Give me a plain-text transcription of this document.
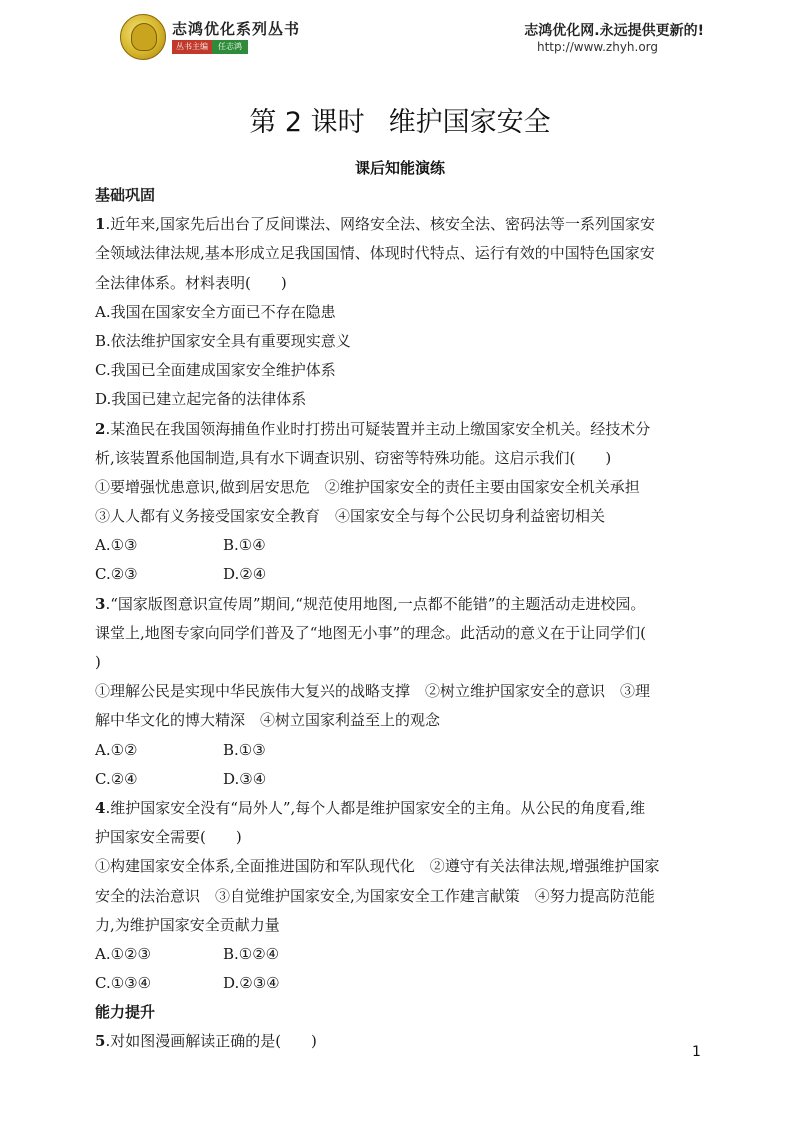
志鸿优化系列丛书
丛书主编	任志鸿
志鸿优化网.永远提供更新的!
http://www.zhyh.org
第 2 课时 维护国家安全
课后知能演练
基础巩固
1.近年来,国家先后出台了反间谍法、网络安全法、核安全法、密码法等一系列国家安
全领域法律法规,基本形成立足我国国情、体现时代特点、运行有效的中国特色国家安
全法律体系。材料表明(　　)
A.我国在国家安全方面已不存在隐患
B.依法维护国家安全具有重要现实意义
C.我国已全面建成国家安全维护体系
D.我国已建立起完备的法律体系
2.某渔民在我国领海捕鱼作业时打捞出可疑装置并主动上缴国家安全机关。经技术分
析,该装置系他国制造,具有水下调查识别、窃密等特殊功能。这启示我们(　　)
①要增强忧患意识,做到居安思危　②维护国家安全的责任主要由国家安全机关承担
③人人都有义务接受国家安全教育　④国家安全与每个公民切身利益密切相关
A.①③	B.①④
C.②③	D.②④
3.“国家版图意识宣传周”期间,“规范使用地图,一点都不能错”的主题活动走进校园。
课堂上,地图专家向同学们普及了“地图无小事”的理念。此活动的意义在于让同学们(
)
①理解公民是实现中华民族伟大复兴的战略支撑　②树立维护国家安全的意识　③理
解中华文化的博大精深　④树立国家利益至上的观念
A.①②	B.①③
C.②④	D.③④
4.维护国家安全没有“局外人”,每个人都是维护国家安全的主角。从公民的角度看,维
护国家安全需要(　　)
①构建国家安全体系,全面推进国防和军队现代化　②遵守有关法律法规,增强维护国家
安全的法治意识　③自觉维护国家安全,为国家安全工作建言献策　④努力提高防范能
力,为维护国家安全贡献力量
A.①②③	B.①②④
C.①③④	D.②③④
能力提升
5.对如图漫画解读正确的是(　　)
1
